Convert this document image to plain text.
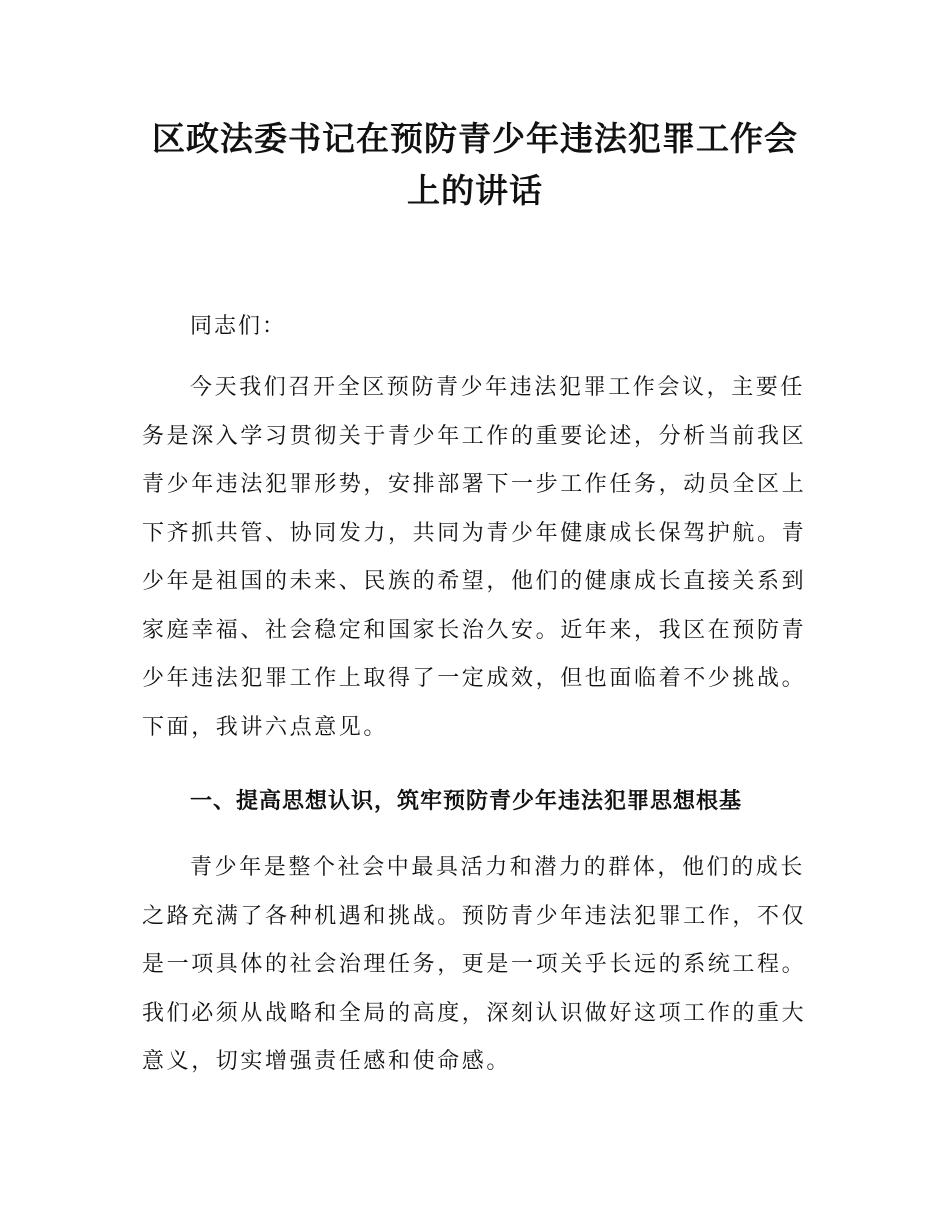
区政法委书记在预防青少年违法犯罪工作会
上的讲话
同志们：
今天我们召开全区预防青少年违法犯罪工作会议，主要任
务是深入学习贯彻关于青少年工作的重要论述，分析当前我区
青少年违法犯罪形势，安排部署下一步工作任务，动员全区上
下齐抓共管、协同发力，共同为青少年健康成长保驾护航。青
少年是祖国的未来、民族的希望，他们的健康成长直接关系到
家庭幸福、社会稳定和国家长治久安。近年来，我区在预防青
少年违法犯罪工作上取得了一定成效，但也面临着不少挑战。
下面，我讲六点意见。
一、提高思想认识，筑牢预防青少年违法犯罪思想根基
青少年是整个社会中最具活力和潜力的群体，他们的成长
之路充满了各种机遇和挑战。预防青少年违法犯罪工作，不仅
是一项具体的社会治理任务，更是一项关乎长远的系统工程。
我们必须从战略和全局的高度，深刻认识做好这项工作的重大
意义，切实增强责任感和使命感。
